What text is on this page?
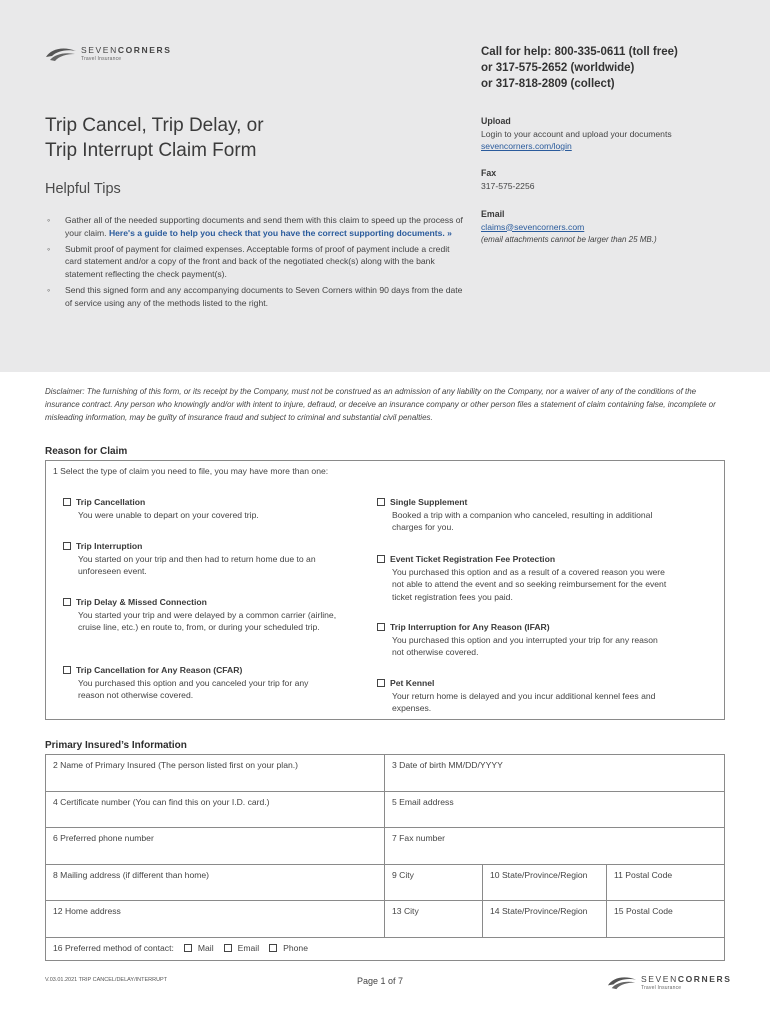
SEVENCORNERS
Travel Insurance
Call for help: 800-335-0611 (toll free)
or 317-575-2652 (worldwide)
or 317-818-2809 (collect)
Trip Cancel, Trip Delay, or
Trip Interrupt Claim Form
Helpful Tips
◦ Gather all of the needed supporting documents and send them with this claim to speed up the process of your claim. Here's a guide to help you check that you have the correct supporting documents. »
◦ Submit proof of payment for claimed expenses. Acceptable forms of proof of payment include a credit card statement and/or a copy of the front and back of the negotiated check(s) along with the bank statement reflecting the check payment(s).
◦ Send this signed form and any accompanying documents to Seven Corners within 90 days from the date of service using any of the methods listed to the right.
Upload
Login to your account and upload your documents
sevencorners.com/login
Fax
317-575-2256
Email
claims@sevencorners.com
(email attachments cannot be larger than 25 MB.)
Disclaimer: The furnishing of this form, or its receipt by the Company, must not be construed as an admission of any liability on the Company, nor a waiver of any of the conditions of the insurance contract. Any person who knowingly and/or with intent to injure, defraud, or deceive an insurance company or other person files a statement of claim containing false, incomplete or misleading information, may be guilty of insurance fraud and subject to criminal and substantial civil penalties.
Reason for Claim
1 Select the type of claim you need to file, you may have more than one:
Trip Cancellation
You were unable to depart on your covered trip.
Trip Interruption
You started on your trip and then had to return home due to an unforeseen event.
Trip Delay & Missed Connection
You started your trip and were delayed by a common carrier (airline, cruise line, etc.) en route to, from, or during your scheduled trip.
Trip Cancellation for Any Reason (CFAR)
You purchased this option and you canceled your trip for any reason not otherwise covered.
Single Supplement
Booked a trip with a companion who canceled, resulting in additional charges for you.
Event Ticket Registration Fee Protection
You purchased this option and as a result of a covered reason you were not able to attend the event and so seeking reimbursement for the event ticket registration fees you paid.
Trip Interruption for Any Reason (IFAR)
You purchased this option and you interrupted your trip for any reason not otherwise covered.
Pet Kennel
Your return home is delayed and you incur additional kennel fees and expenses.
Primary Insured’s Information
2 Name of Primary Insured (The person listed first on your plan.)	3 Date of birth MM/DD/YYYY
4 Certificate number (You can find this on your I.D. card.)	5 Email address
6 Preferred phone number	7 Fax number
8 Mailing address (if different than home)	9 City	10 State/Province/Region	11 Postal Code
12 Home address	13 City	14 State/Province/Region	15 Postal Code
16 Preferred method of contact:	Mail	Email	Phone
V.03.01.2021 TRIP CANCEL/DELAY/INTERRUPT	Page 1 of 7	SEVENCORNERS
Travel Insurance
